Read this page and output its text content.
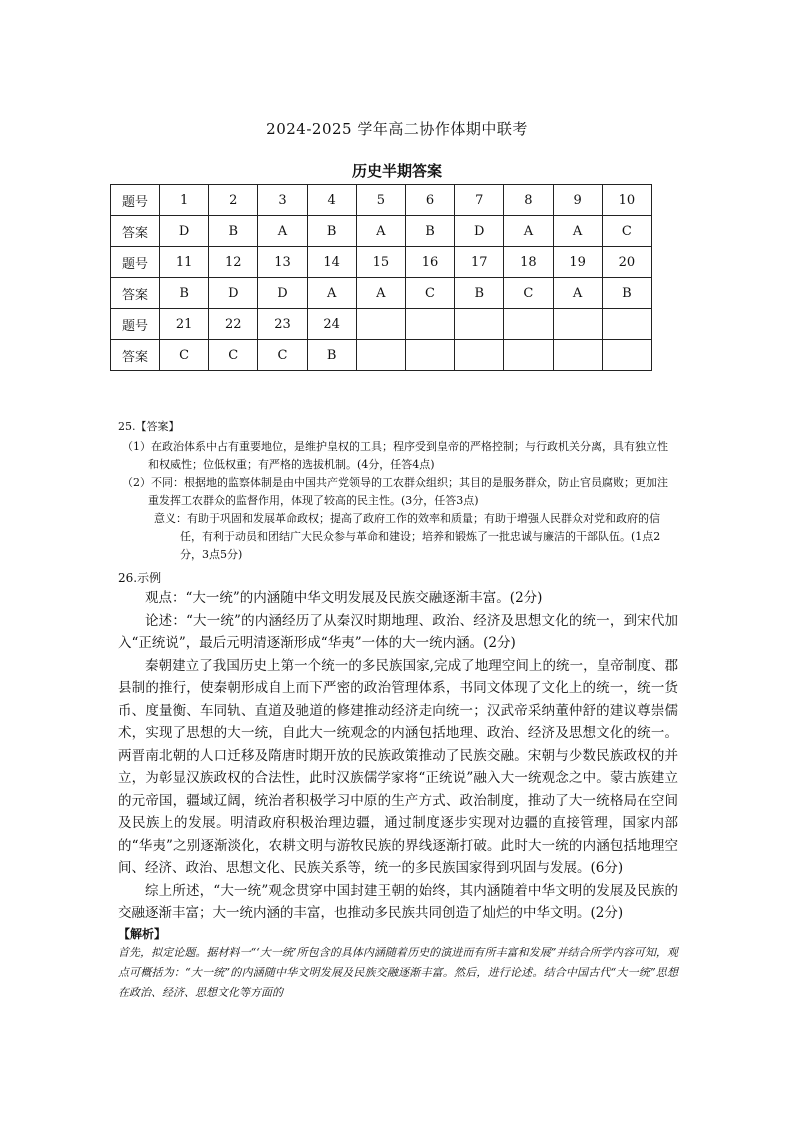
2024-2025 学年高二协作体期中联考
历史半期答案
题号	1	2	3	4	5	6	7	8	9	10
答案	D	B	A	B	A	B	D	A	A	C
题号	11	12	13	14	15	16	17	18	19	20
答案	B	D	D	A	A	C	B	C	A	B
题号	21	22	23	24						
答案	C	C	C	B						

25.【答案】

（1）在政治体系中占有重要地位，是维护皇权的工具；程序受到皇帝的严格控制；与行政机关分离，具有独立性和权威性；位低权重；有严格的选拔机制。(4分，任答4点)

（2）不同：根据地的监察体制是由中国共产党领导的工农群众组织；其目的是服务群众，防止官员腐败；更加注重发挥工农群众的监督作用，体现了较高的民主性。(3分，任答3点)

意义：有助于巩固和发展革命政权；提高了政府工作的效率和质量；有助于增强人民群众对党和政府的信任，有利于动员和团结广大民众参与革命和建设；培养和锻炼了一批忠诚与廉洁的干部队伍。(1点2分，3点5分)

26.示例

观点：“大一统”的内涵随中华文明发展及民族交融逐渐丰富。(2分)

论述：“大一统”的内涵经历了从秦汉时期地理、政治、经济及思想文化的统一，到宋代加入“正统说”，最后元明清逐渐形成“华夷”一体的大一统内涵。(2分)

秦朝建立了我国历史上第一个统一的多民族国家,完成了地理空间上的统一，皇帝制度、郡县制的推行，使秦朝形成自上而下严密的政治管理体系，书同文体现了文化上的统一，统一货币、度量衡、车同轨、直道及驰道的修建推动经济走向统一；汉武帝采纳董仲舒的建议尊崇儒术，实现了思想的大一统，自此大一统观念的内涵包括地理、政治、经济及思想文化的统一。两晋南北朝的人口迁移及隋唐时期开放的民族政策推动了民族交融。宋朝与少数民族政权的并立，为彰显汉族政权的合法性，此时汉族儒学家将“正统说”融入大一统观念之中。蒙古族建立的元帝国，疆域辽阔，统治者积极学习中原的生产方式、政治制度，推动了大一统格局在空间及民族上的发展。明清政府积极治理边疆，通过制度逐步实现对边疆的直接管理，国家内部的“华夷”之别逐渐淡化，农耕文明与游牧民族的界线逐渐打破。此时大一统的内涵包括地理空间、经济、政治、思想文化、民族关系等，统一的多民族国家得到巩固与发展。(6分)

综上所述，“大一统”观念贯穿中国封建王朝的始终，其内涵随着中华文明的发展及民族的交融逐渐丰富；大一统内涵的丰富，也推动多民族共同创造了灿烂的中华文明。(2分)

【解析】

首先，拟定论题。据材料一“‘大一统’所包含的具体内涵随着历史的演进而有所丰富和发展”并结合所学内容可知，观点可概括为：“大一统”的内涵随中华文明发展及民族交融逐渐丰富。然后，进行论述。结合中国古代“大一统”思想在政治、经济、思想文化等方面的
